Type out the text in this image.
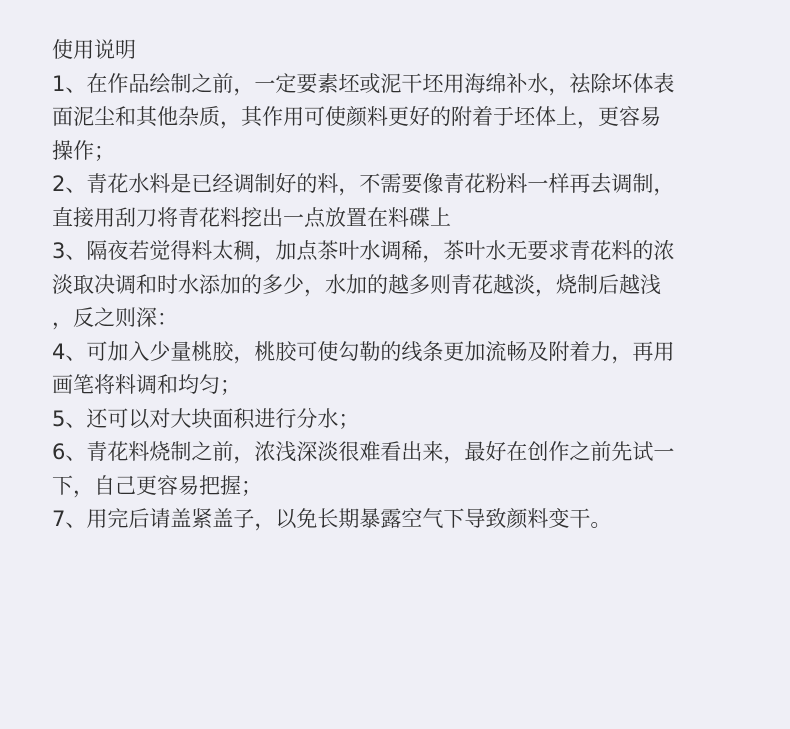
使用说明

1、在作品绘制之前，一定要素坯或泥干坯用海绵补水，祛除坏体表

面泥尘和其他杂质，其作用可使颜料更好的附着于坯体上，更容易

操作；

2、青花水料是已经调制好的料，不需要像青花粉料一样再去调制，

直接用刮刀将青花料挖出一点放置在料碟上

3、隔夜若觉得料太稠，加点茶叶水调稀，茶叶水无要求青花料的浓

淡取决调和时水添加的多少，水加的越多则青花越淡，烧制后越浅

，反之则深：

4、可加入少量桃胶，桃胶可使勾勒的线条更加流畅及附着力，再用

画笔将料调和均匀；

5、还可以对大块面积进行分水；

6、青花料烧制之前，浓浅深淡很难看出来，最好在创作之前先试一

下，自己更容易把握；

7、用完后请盖紧盖子，以免长期暴露空气下导致颜料变干。
